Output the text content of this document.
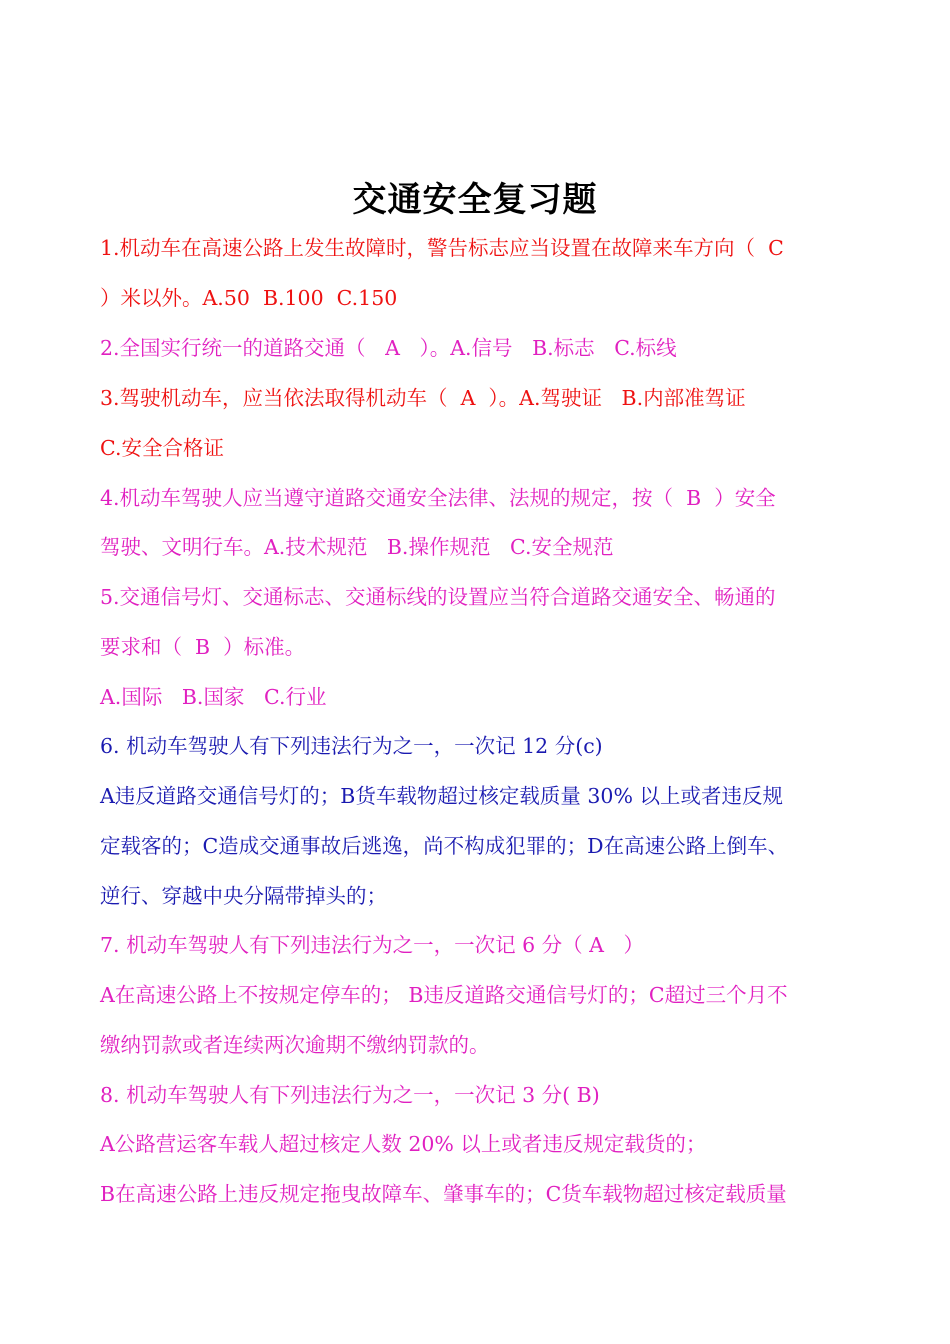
交通安全复习题
1.机动车在高速公路上发生故障时，警告标志应当设置在故障来车方向（  C
）米以外。A.50  B.100  C.150
2.全国实行统一的道路交通（   A   ）。A.信号   B.标志   C.标线
3.驾驶机动车，应当依法取得机动车（  A  ）。A.驾驶证   B.内部准驾证
C.安全合格证
4.机动车驾驶人应当遵守道路交通安全法律、法规的规定，按（  B  ）安全
驾驶、文明行车。A.技术规范   B.操作规范   C.安全规范
5.交通信号灯、交通标志、交通标线的设置应当符合道路交通安全、畅通的
要求和（  B  ）标准。
A.国际   B.国家   C.行业
6. 机动车驾驶人有下列违法行为之一，一次记 12 分(c)
A违反道路交通信号灯的；B货车载物超过核定载质量 30% 以上或者违反规
定载客的；C造成交通事故后逃逸，尚不构成犯罪的；D在高速公路上倒车、
逆行、穿越中央分隔带掉头的；
7. 机动车驾驶人有下列违法行为之一，一次记 6 分（ A   ）
A在高速公路上不按规定停车的； B违反道路交通信号灯的；C超过三个月不
缴纳罚款或者连续两次逾期不缴纳罚款的。
8. 机动车驾驶人有下列违法行为之一，一次记 3 分( B)
A公路营运客车载人超过核定人数 20% 以上或者违反规定载货的；
B在高速公路上违反规定拖曳故障车、肇事车的；C货车载物超过核定载质量
